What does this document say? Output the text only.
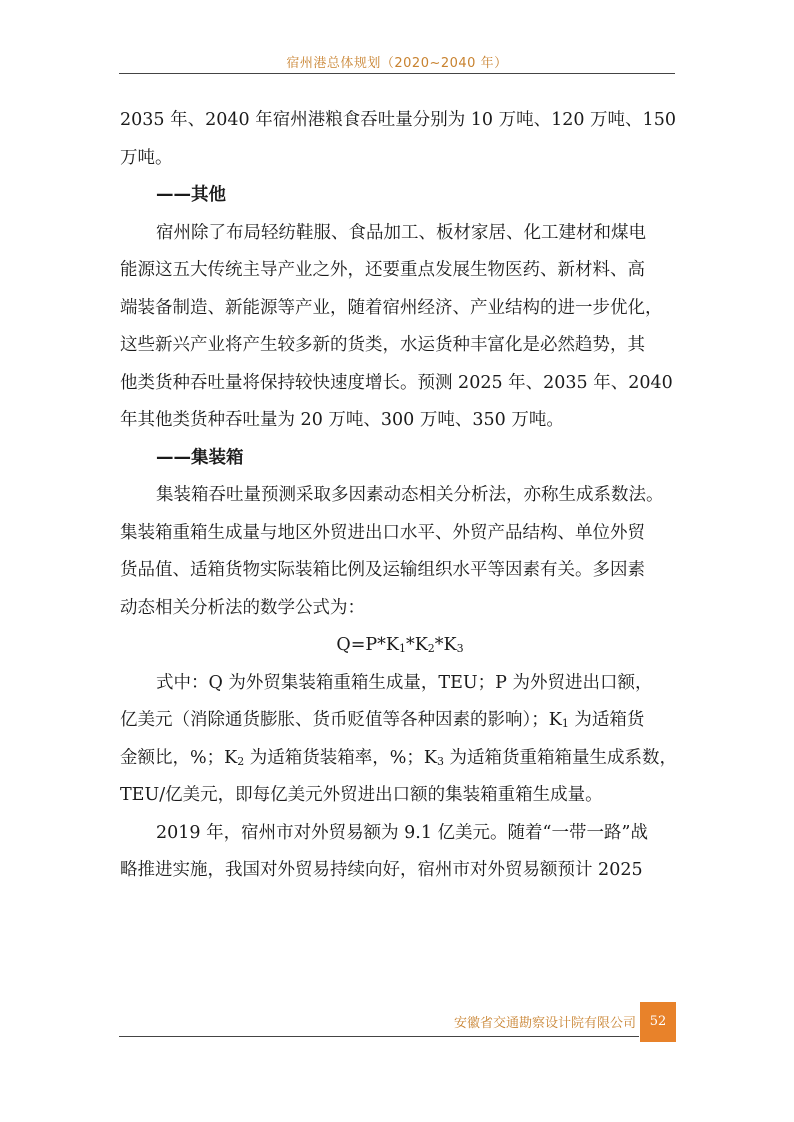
宿州港总体规划（2020~2040 年）
2035 年、2040 年宿州港粮食吞吐量分别为 10 万吨、120 万吨、150
万吨。
——其他
宿州除了布局轻纺鞋服、食品加工、板材家居、化工建材和煤电
能源这五大传统主导产业之外，还要重点发展生物医药、新材料、高
端装备制造、新能源等产业，随着宿州经济、产业结构的进一步优化，
这些新兴产业将产生较多新的货类，水运货种丰富化是必然趋势，其
他类货种吞吐量将保持较快速度增长。预测 2025 年、2035 年、2040
年其他类货种吞吐量为 20 万吨、300 万吨、350 万吨。
——集装箱
集装箱吞吐量预测采取多因素动态相关分析法，亦称生成系数法。
集装箱重箱生成量与地区外贸进出口水平、外贸产品结构、单位外贸
货品值、适箱货物实际装箱比例及运输组织水平等因素有关。多因素
动态相关分析法的数学公式为：
$Q=P*K_1*K_2*K_3$
式中：Q 为外贸集装箱重箱生成量，TEU；P 为外贸进出口额，
亿美元（消除通货膨胀、货币贬值等各种因素的影响）；$K_1$ 为适箱货
金额比，%；$K_2$ 为适箱货装箱率，%；$K_3$ 为适箱货重箱箱量生成系数，
TEU/亿美元，即每亿美元外贸进出口额的集装箱重箱生成量。
2019 年，宿州市对外贸易额为 9.1 亿美元。随着“一带一路”战
略推进实施，我国对外贸易持续向好，宿州市对外贸易额预计 2025
安徽省交通勘察设计院有限公司	52
